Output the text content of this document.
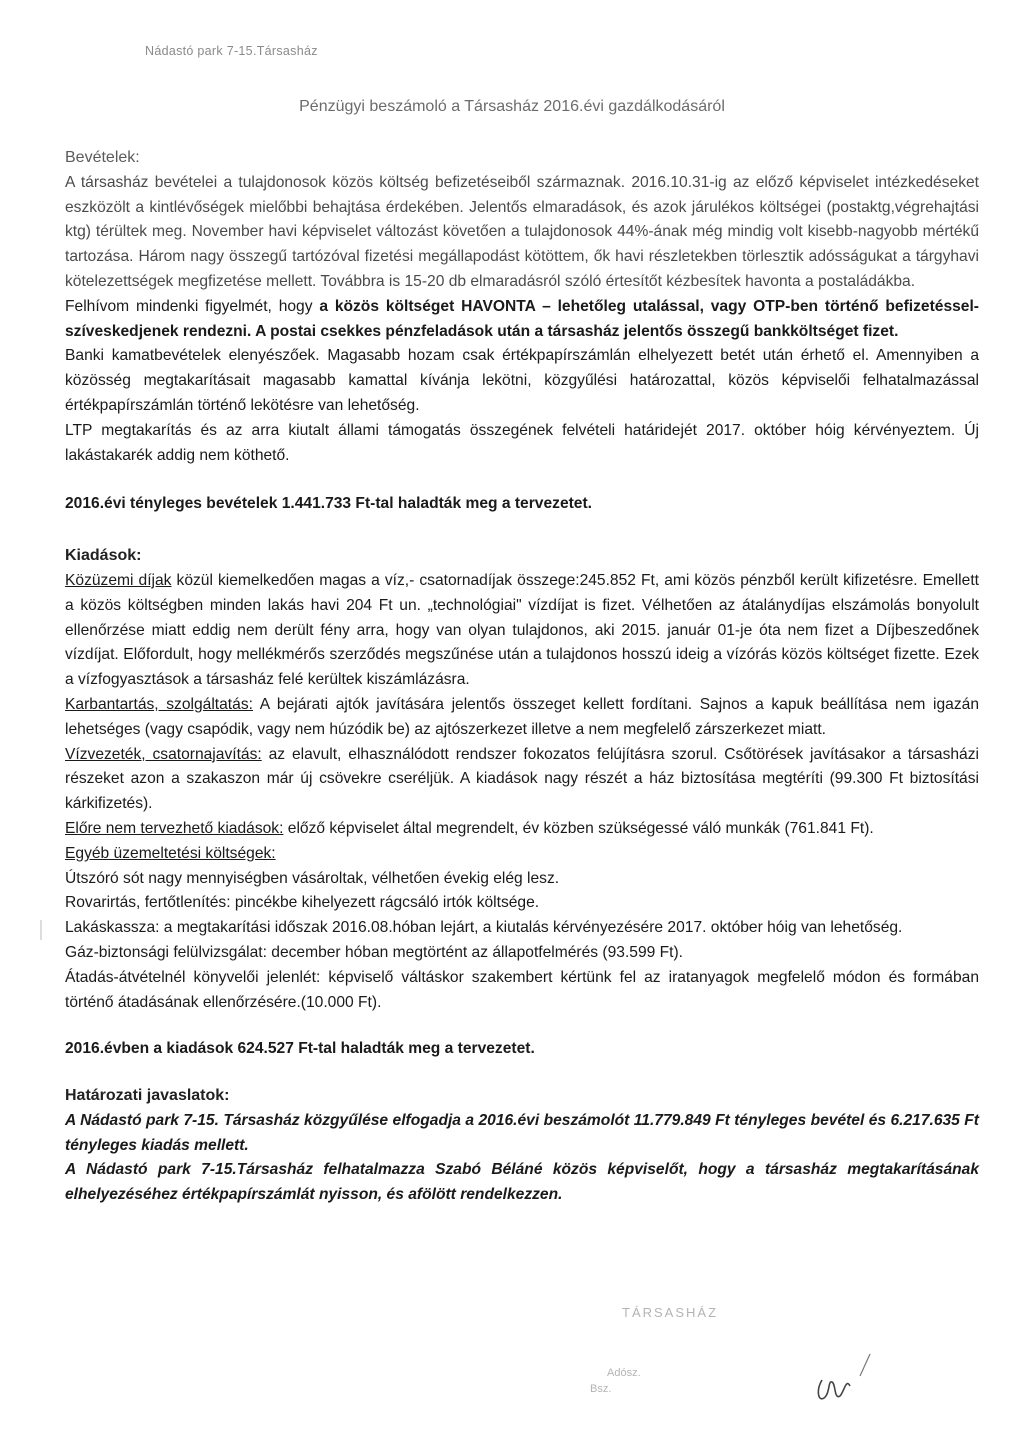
Nádastó park 7-15.Társasház
Pénzügyi beszámoló a Társasház 2016.évi gazdálkodásáról
Bevételek:

A társasház bevételei a tulajdonosok közös költség befizetéseiből származnak. 2016.10.31-ig az előző képviselet intézkedéseket eszközölt a kintlévőségek mielőbbi behajtása érdekében. Jelentős elmaradások, és azok járulékos költségei (postaktg,végrehajtási ktg) térültek meg. November havi képviselet változást követően a tulajdonosok 44%-ának még mindig volt kisebb-nagyobb mértékű tartozása. Három nagy összegű tartózóval fizetési megállapodást kötöttem, ők havi részletekben törlesztik adósságukat a tárgyhavi kötelezettségek megfizetése mellett. Továbbra is 15-20 db elmaradásról szóló értesítőt kézbesítek havonta a postaládákba.

Felhívom mindenki figyelmét, hogy a közös költséget HAVONTA – lehetőleg utalással, vagy OTP-ben történő befizetéssel- szíveskedjenek rendezni. A postai csekkes pénzfeladások után a társasház jelentős összegű bankköltséget fizet.

Banki kamatbevételek elenyészőek. Magasabb hozam csak értékpapírszámlán elhelyezett betét után érhető el. Amennyiben a közösség megtakarításait magasabb kamattal kívánja lekötni, közgyűlési határozattal, közös képviselői felhatalmazással értékpapírszámlán történő lekötésre van lehetőség.

LTP megtakarítás és az arra kiutalt állami támogatás összegének felvételi határidejét 2017. október hóig kérvényeztem. Új lakástakarék addig nem köthető.

2016.évi tényleges bevételek 1.441.733 Ft-tal haladták meg a tervezetet.

Kiadások:

Közüzemi díjak közül kiemelkedően magas a víz,- csatornadíjak összege:245.852 Ft, ami közös pénzből került kifizetésre. Emellett a közös költségben minden lakás havi 204 Ft un. „technológiai" vízdíjat is fizet. Vélhetően az átalánydíjas elszámolás bonyolult ellenőrzése miatt eddig nem derült fény arra, hogy van olyan tulajdonos, aki 2015. január 01-je óta nem fizet a Díjbeszedőnek vízdíjat. Előfordult, hogy mellékmérős szerződés megszűnése után a tulajdonos hosszú ideig a vízórás közös költséget fizette. Ezek a vízfogyasztások a társasház felé kerültek kiszámlázásra.

Karbantartás, szolgáltatás: A bejárati ajtók javítására jelentős összeget kellett fordítani. Sajnos a kapuk beállítása nem igazán lehetséges (vagy csapódik, vagy nem húzódik be) az ajtószerkezet illetve a nem megfelelő zárszerkezet miatt.

Vízvezeték, csatornajavítás: az elavult, elhasználódott rendszer fokozatos felújításra szorul. Csőtörések javításakor a társasházi részeket azon a szakaszon már új csövekre cseréljük. A kiadások nagy részét a ház biztosítása megtéríti (99.300 Ft biztosítási kárkifizetés).

Előre nem tervezhető kiadások: előző képviselet által megrendelt, év közben szükségessé váló munkák (761.841 Ft).

Egyéb üzemeltetési költségek:

Útszóró sót nagy mennyiségben vásároltak, vélhetően évekig elég lesz.

Rovarirtás, fertőtlenítés: pincékbe kihelyezett rágcsáló irtók költsége.

Lakáskassza: a megtakarítási időszak 2016.08.hóban lejárt, a kiutalás kérvényezésére 2017. október hóig van lehetőség.

Gáz-biztonsági felülvizsgálat: december hóban megtörtént az állapotfelmérés (93.599 Ft).

Átadás-átvételnél könyvelői jelenlét: képviselő váltáskor szakembert kértünk fel az iratanyagok megfelelő módon és formában történő átadásának ellenőrzésére.(10.000 Ft).

2016.évben a kiadások 624.527 Ft-tal haladták meg a tervezetet.

Határozati javaslatok:

A Nádastó park 7-15. Társasház közgyűlése elfogadja a 2016.évi beszámolót 11.779.849 Ft tényleges bevétel és 6.217.635 Ft tényleges kiadás mellett.

A Nádastó park 7-15.Társasház felhatalmazza Szabó Béláné közös képviselőt, hogy a társasház megtakarításának elhelyezéséhez értékpapírszámlát nyisson, és afölött rendelkezzen.

TÁRSASHÁZ
Adósz.
Bsz.
